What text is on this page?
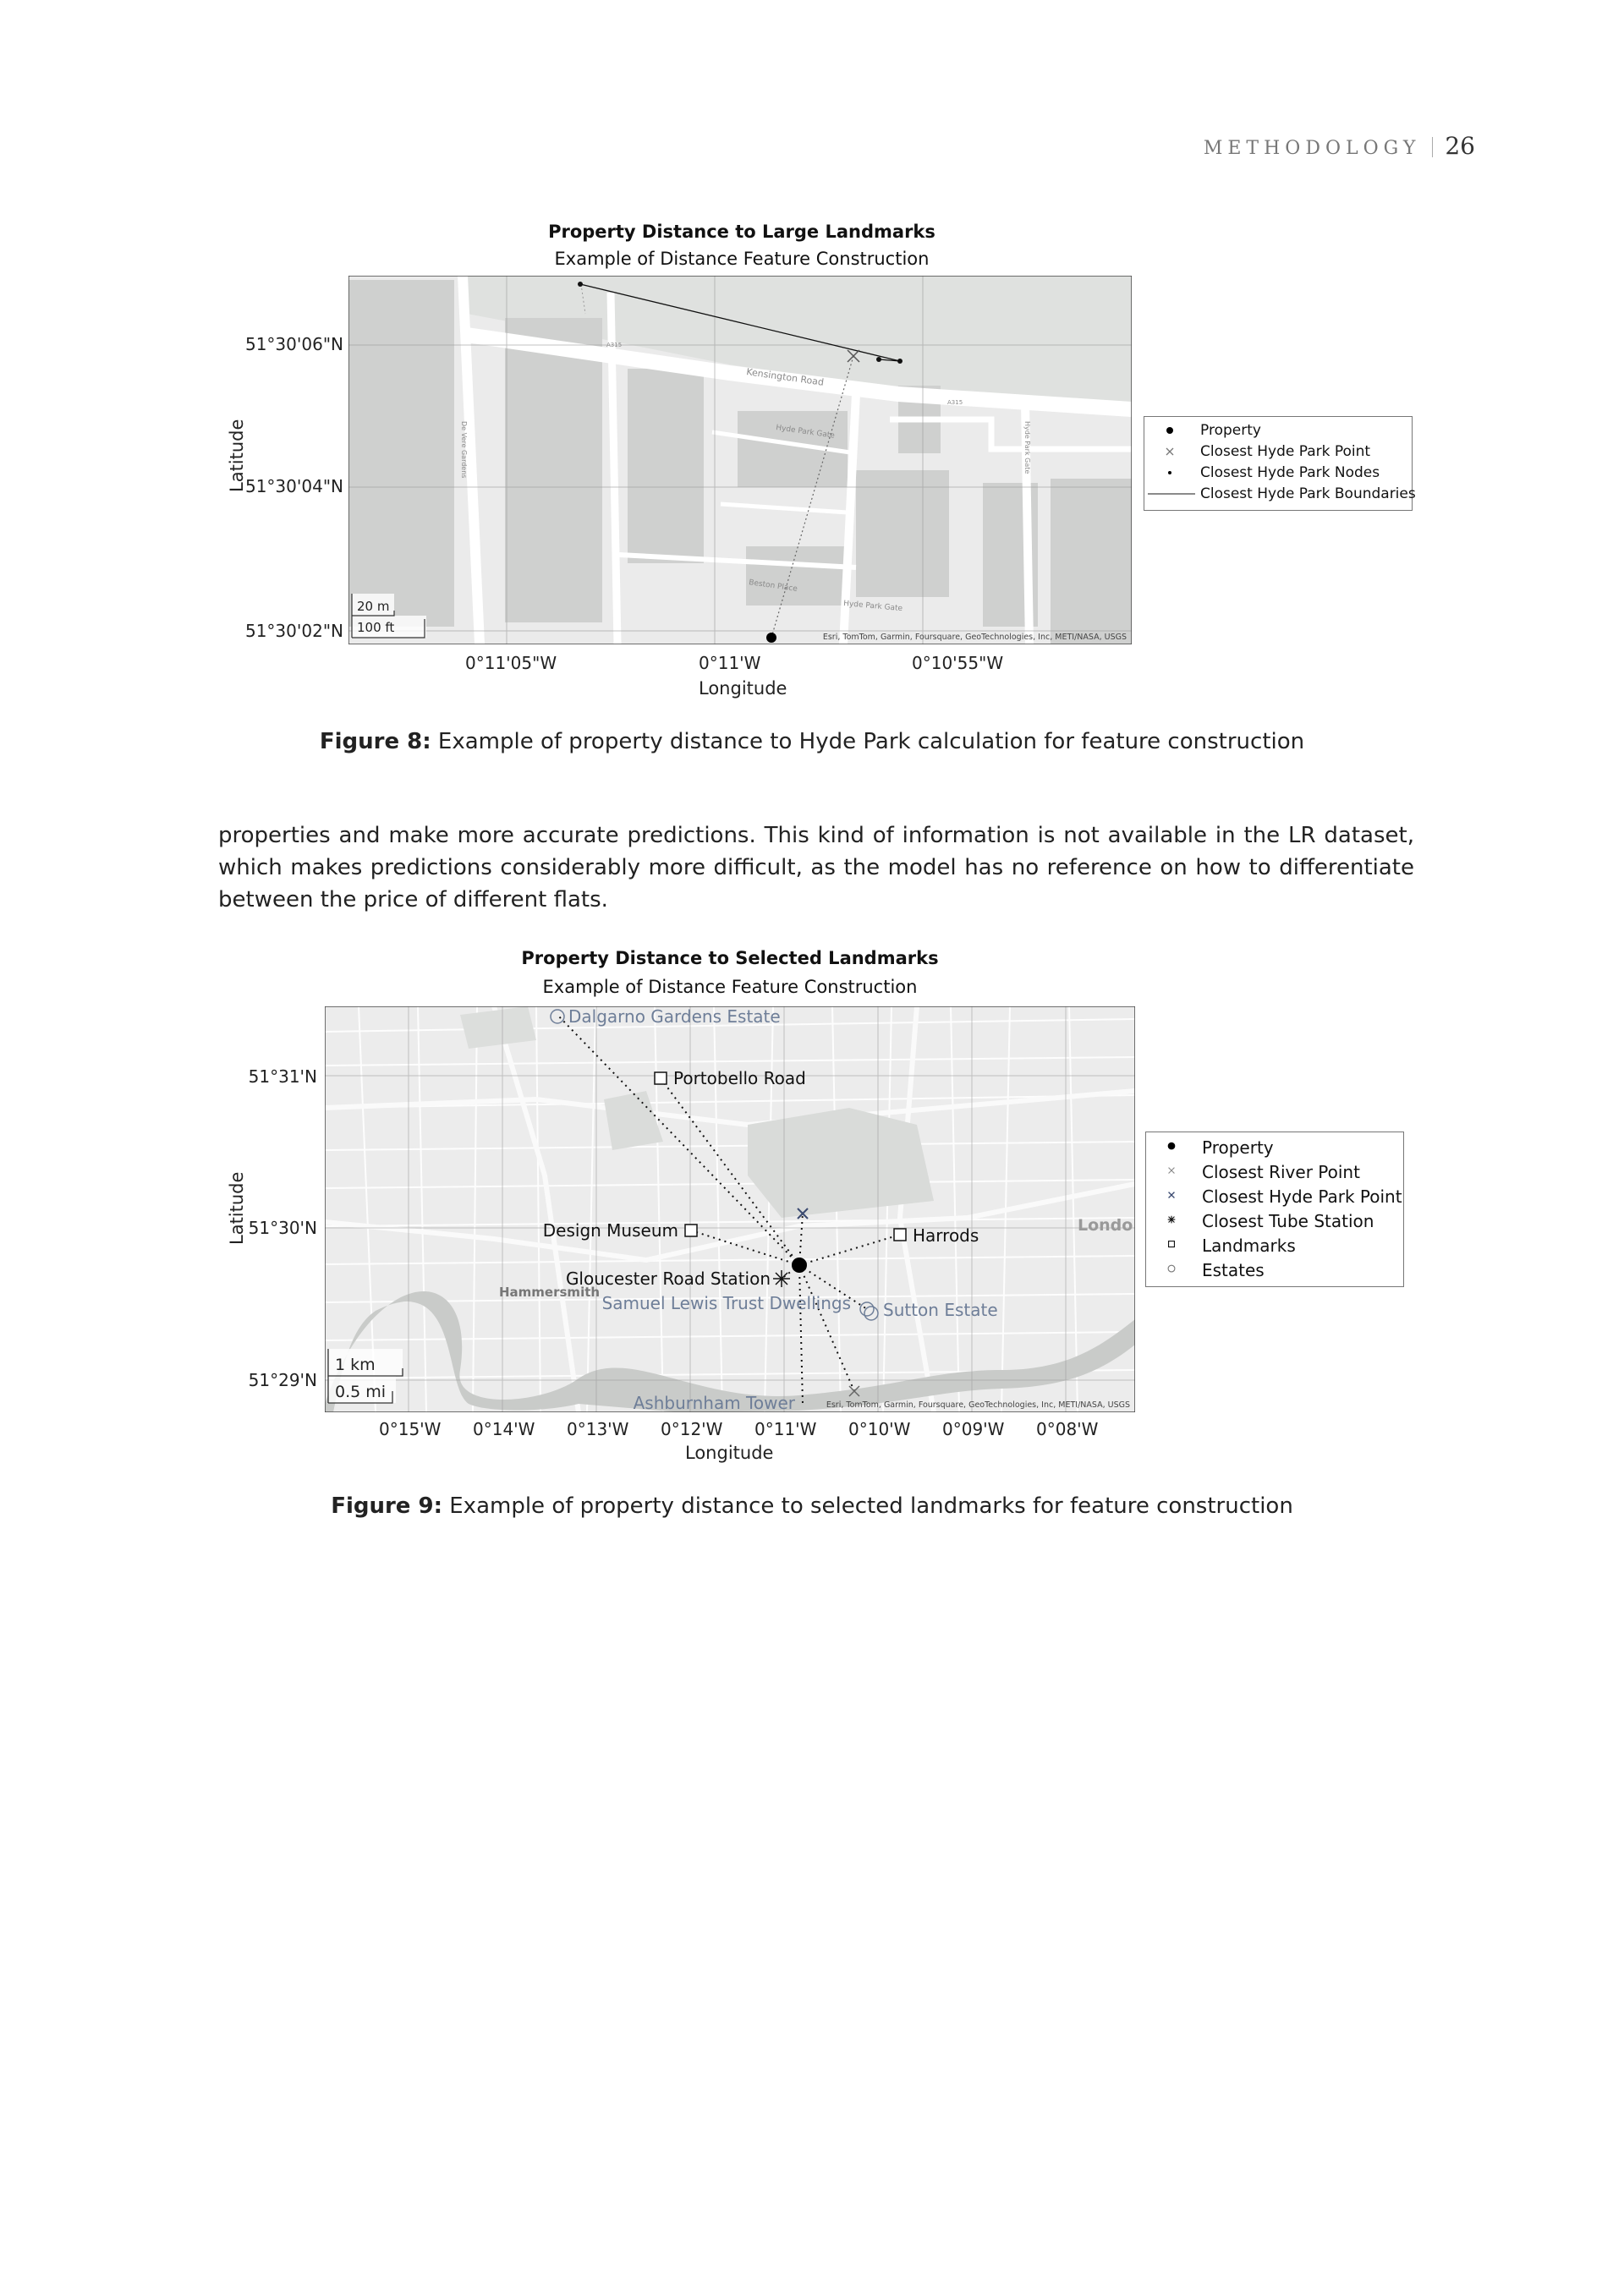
METHODOLOGY 26
Property Distance to Large Landmarks
Example of Distance Feature Construction
Latitude
51°30'06"N
51°30'04"N
51°30'02"N
Kensington Road
Hyde Park Gate	Hyde Park Gate
Beston Place
Hyde Park Gate
De Vere Gardens
A315
A315
20 m
100 ft
Esri, TomTom, Garmin, Foursquare, GeoTechnologies, Inc, METI/NASA, USGS
0°11'05"W	0°11'W	0°10'55"W
Longitude
Property
Closest Hyde Park Point
Closest Hyde Park Nodes
Closest Hyde Park Boundaries
Figure 8: Example of property distance to Hyde Park calculation for feature construction
properties and make more accurate predictions. This kind of information is not available in the LR dataset, which makes predictions considerably more difficult, as the model has no reference on how to differentiate between the price of different flats.
Property Distance to Selected Landmarks
Example of Distance Feature Construction
Latitude
51°31'N
51°30'N
51°29'N
Dalgarno Gardens Estate
Portobello Road
Design Museum	Harrods
Gloucester Road Station
Samuel Lewis Trust Dwellings Sutton Estate
Ashburnham Tower
Hammersmith
Londo
1 km
0.5 mi
Esri, TomTom, Garmin, Foursquare, GeoTechnologies, Inc, METI/NASA, USGS
0°15'W 0°14'W 0°13'W 0°12'W 0°11'W 0°10'W 0°09'W 0°08'W
Longitude
Property
Closest River Point
Closest Hyde Park Point
Closest Tube Station
Landmarks
Estates
Figure 9: Example of property distance to selected landmarks for feature construction
